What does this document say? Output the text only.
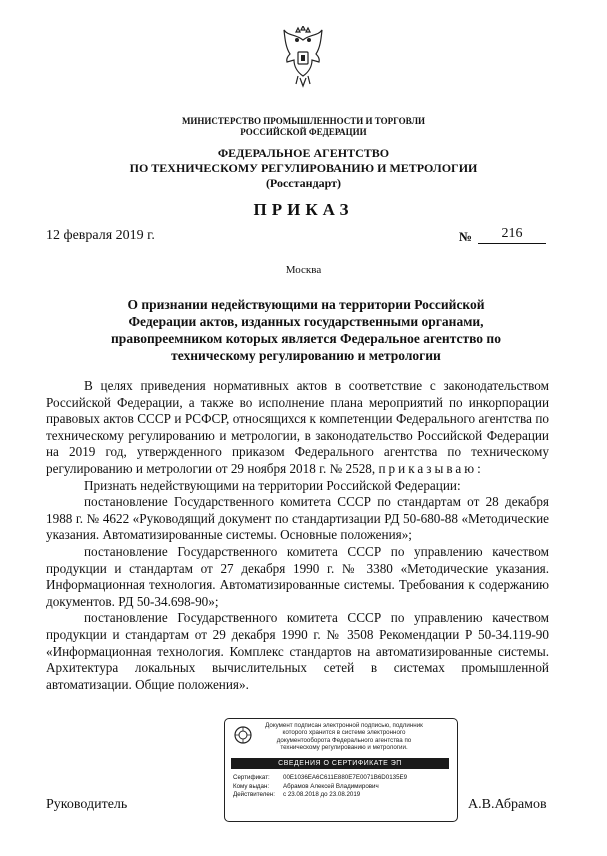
МИНИСТЕРСТВО ПРОМЫШЛЕННОСТИ И ТОРГОВЛИ
РОССИЙСКОЙ ФЕДЕРАЦИИ
ФЕДЕРАЛЬНОЕ АГЕНТСТВО
ПО ТЕХНИЧЕСКОМУ РЕГУЛИРОВАНИЮ И МЕТРОЛОГИИ
(Росстандарт)
ПРИКАЗ
12 февраля 2019 г.	№	216
Москва
О признании недействующими на территории Российской Федерации актов, изданных государственными органами, правопреемником которых является Федеральное агентство по техническому регулированию и метрологии

В целях приведения нормативных актов в соответствие с законодательством Российской Федерации, а также во исполнение плана мероприятий по инкорпорации правовых актов СССР и РСФСР, относящихся к компетенции Федерального агентства по техническому регулированию и метрологии, в законодательство Российской Федерации на 2019 год, утвержденного приказом Федерального агентства по техническому регулированию и метрологии от 29 ноября 2018 г. № 2528, приказываю:

Признать недействующими на территории Российской Федерации:

постановление Государственного комитета СССР по стандартам от 28 декабря 1988 г. № 4622 «Руководящий документ по стандартизации РД 50-680-88 «Методические указания. Автоматизированные системы. Основные положения»;

постановление Государственного комитета СССР по управлению качеством продукции и стандартам от 27 декабря 1990 г. № 3380 «Методические указания. Информационная технология. Автоматизированные системы. Требования к содержанию документов. РД 50-34.698-90»;

постановление Государственного комитета СССР по управлению качеством продукции и стандартам от 29 декабря 1990 г. № 3508 Рекомендации Р 50-34.119-90 «Информационная технология. Комплекс стандартов на автоматизированные системы. Архитектура локальных вычислительных сетей в системах промышленной автоматизации. Общие положения».

Руководитель	А.В.Абрамов
Документ подписан электронной подписью, подлинник которого хранится в системе электронного документооборота Федерального агентства по техническому регулированию и метрологии.
СВЕДЕНИЯ О СЕРТИФИКАТЕ ЭП
Сертификат: 00E1036EA6C611E880E7E0071B6D0135E9
Кому выдан: Абрамов Алексей Владимирович
Действителен: с 23.08.2018 до 23.08.2019
